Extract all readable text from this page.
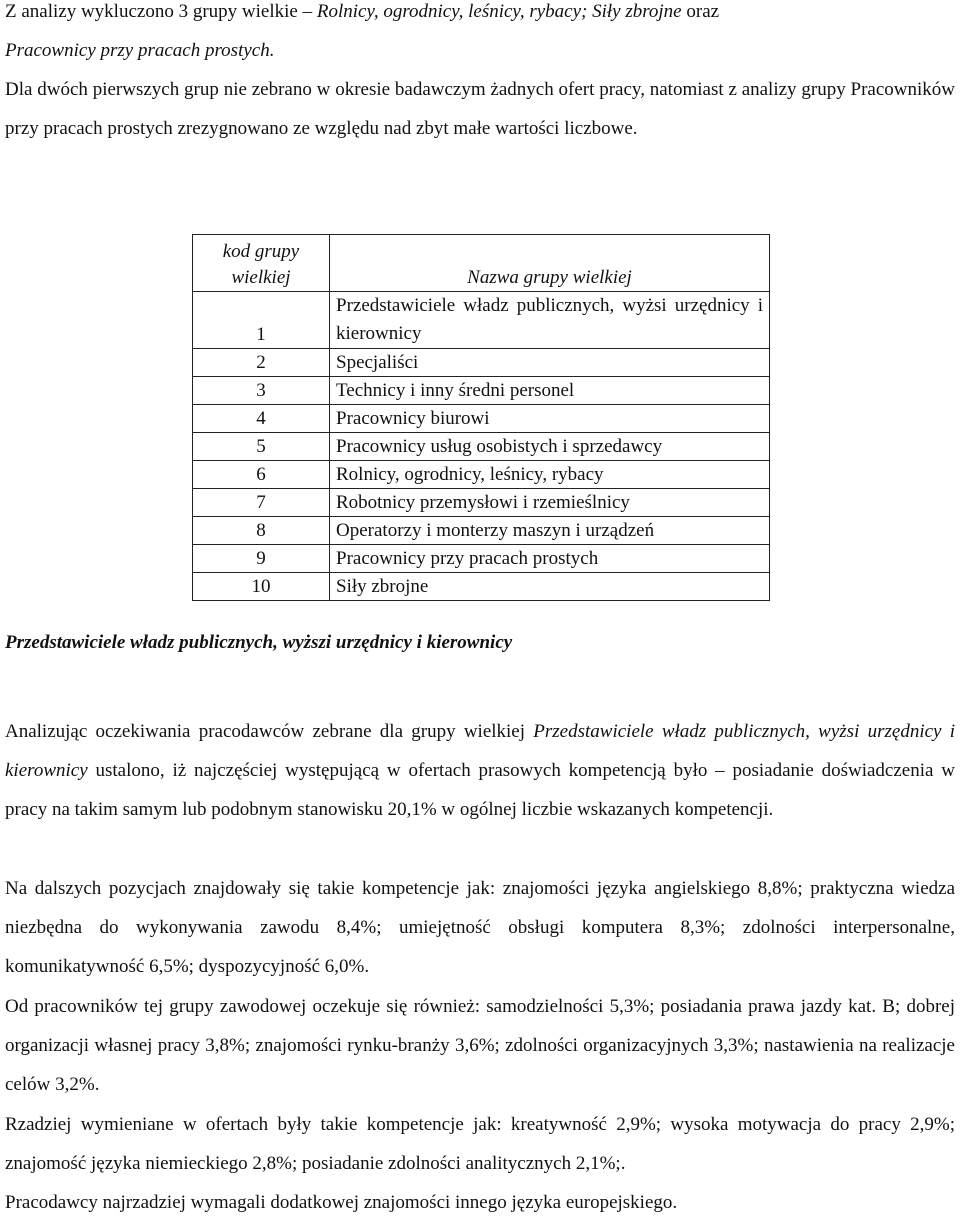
Z analizy wykluczono 3 grupy wielkie – Rolnicy, ogrodnicy, leśnicy, rybacy; Siły zbrojne oraz
Pracownicy przy pracach prostych.

Dla dwóch pierwszych grup nie zebrano w okresie badawczym żadnych ofert pracy, natomiast z analizy grupy Pracowników przy pracach prostych zrezygnowano ze względu nad zbyt małe wartości liczbowe.

kod grupy wielkiej	Nazwa grupy wielkiej
1	Przedstawiciele władz publicznych, wyżsi urzędnicy i kierownicy
2	Specjaliści
3	Technicy i inny średni personel
4	Pracownicy biurowi
5	Pracownicy usług osobistych i sprzedawcy
6	Rolnicy, ogrodnicy, leśnicy, rybacy
7	Robotnicy przemysłowi i rzemieślnicy
8	Operatorzy i monterzy maszyn i urządzeń
9	Pracownicy przy pracach prostych
10	Siły zbrojne
Przedstawiciele władz publicznych, wyższi urzędnicy i kierownicy

Analizując oczekiwania pracodawców zebrane dla grupy wielkiej Przedstawiciele władz publicznych, wyżsi urzędnicy i kierownicy ustalono, iż najczęściej występującą w ofertach prasowych kompetencją było – posiadanie doświadczenia w pracy na takim samym lub podobnym stanowisku 20,1% w ogólnej liczbie wskazanych kompetencji.

Na dalszych pozycjach znajdowały się takie kompetencje jak: znajomości języka angielskiego 8,8%; praktyczna wiedza niezbędna do wykonywania zawodu 8,4%; umiejętność obsługi komputera 8,3%; zdolności interpersonalne, komunikatywność 6,5%; dyspozycyjność 6,0%.

Od pracowników tej grupy zawodowej oczekuje się również: samodzielności 5,3%; posiadania prawa jazdy kat. B; dobrej organizacji własnej pracy 3,8%; znajomości rynku-branży 3,6%; zdolności organizacyjnych 3,3%; nastawienia na realizacje celów 3,2%.

Rzadziej wymieniane w ofertach były takie kompetencje jak: kreatywność 2,9%; wysoka motywacja do pracy 2,9%; znajomość języka niemieckiego 2,8%; posiadanie zdolności analitycznych 2,1%;.

Pracodawcy najrzadziej wymagali dodatkowej znajomości innego języka europejskiego.
